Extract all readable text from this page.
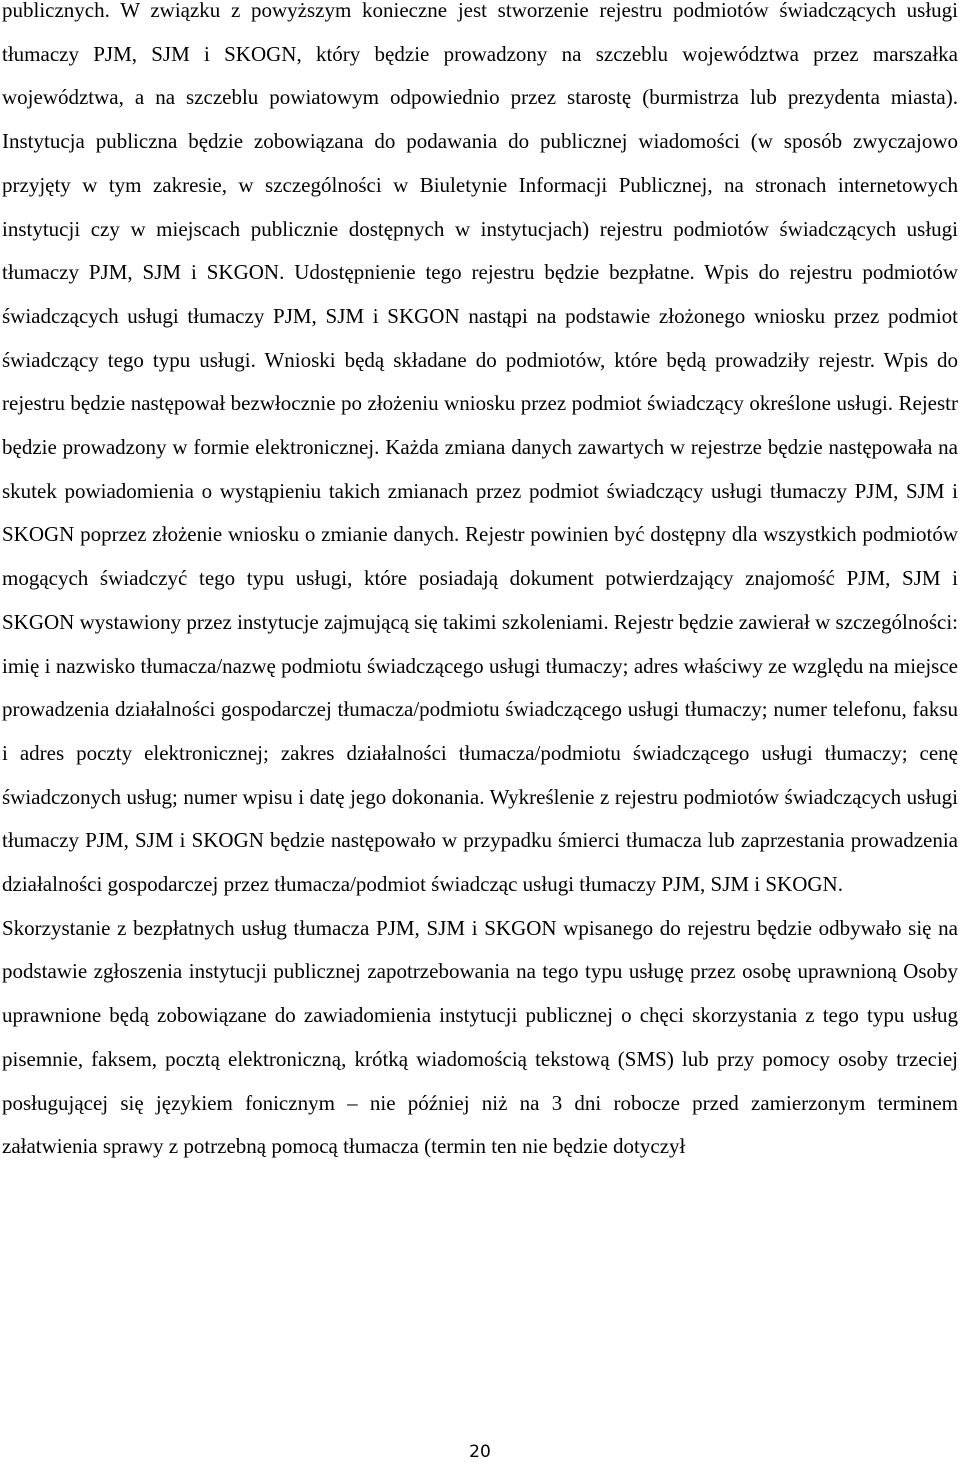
publicznych. W związku z powyższym konieczne jest stworzenie rejestru podmiotów świadczących usługi tłumaczy PJM, SJM i SKOGN, który będzie prowadzony na szczeblu województwa przez marszałka województwa, a na szczeblu powiatowym odpowiednio przez starostę (burmistrza lub prezydenta miasta). Instytucja publiczna będzie zobowiązana do podawania do publicznej wiadomości (w sposób zwyczajowo przyjęty w tym zakresie, w szczególności w Biuletynie Informacji Publicznej, na stronach internetowych instytucji czy w miejscach publicznie dostępnych w instytucjach) rejestru podmiotów świadczących usługi tłumaczy PJM, SJM i SKGON. Udostępnienie tego rejestru będzie bezpłatne. Wpis do rejestru podmiotów świadczących usługi tłumaczy PJM, SJM i SKGON nastąpi na podstawie złożonego wniosku przez podmiot świadczący tego typu usługi. Wnioski będą składane do podmiotów, które będą prowadziły rejestr. Wpis do rejestru będzie następował bezwłocznie po złożeniu wniosku przez podmiot świadczący określone usługi. Rejestr będzie prowadzony w formie elektronicznej. Każda zmiana danych zawartych w rejestrze będzie następowała na skutek powiadomienia o wystąpieniu takich zmianach przez podmiot świadczący usługi tłumaczy PJM, SJM i SKOGN poprzez złożenie wniosku o zmianie danych. Rejestr powinien być dostępny dla wszystkich podmiotów mogących świadczyć tego typu usługi, które posiadają dokument potwierdzający znajomość PJM, SJM i SKGON wystawiony przez instytucje zajmującą się takimi szkoleniami. Rejestr będzie zawierał w szczególności: imię i nazwisko tłumacza/nazwę podmiotu świadczącego usługi tłumaczy; adres właściwy ze względu na miejsce prowadzenia działalności gospodarczej tłumacza/podmiotu świadczącego usługi tłumaczy; numer telefonu, faksu i adres poczty elektronicznej; zakres działalności tłumacza/podmiotu świadczącego usługi tłumaczy; cenę świadczonych usług; numer wpisu i datę jego dokonania. Wykreślenie z rejestru podmiotów świadczących usługi tłumaczy PJM, SJM i SKOGN będzie następowało w przypadku śmierci tłumacza lub zaprzestania prowadzenia działalności gospodarczej przez tłumacza/podmiot świadcząc usługi tłumaczy PJM, SJM i SKOGN.

Skorzystanie z bezpłatnych usług tłumacza PJM, SJM i SKGON wpisanego do rejestru będzie odbywało się na podstawie zgłoszenia instytucji publicznej zapotrzebowania na tego typu usługę przez osobę uprawnioną Osoby uprawnione będą zobowiązane do zawiadomienia instytucji publicznej o chęci skorzystania z tego typu usług pisemnie, faksem, pocztą elektroniczną, krótką wiadomością tekstową (SMS) lub przy pomocy osoby trzeciej posługującej się językiem fonicznym – nie później niż na 3 dni robocze przed zamierzonym terminem załatwienia sprawy z potrzebną pomocą tłumacza (termin ten nie będzie dotyczył

20
